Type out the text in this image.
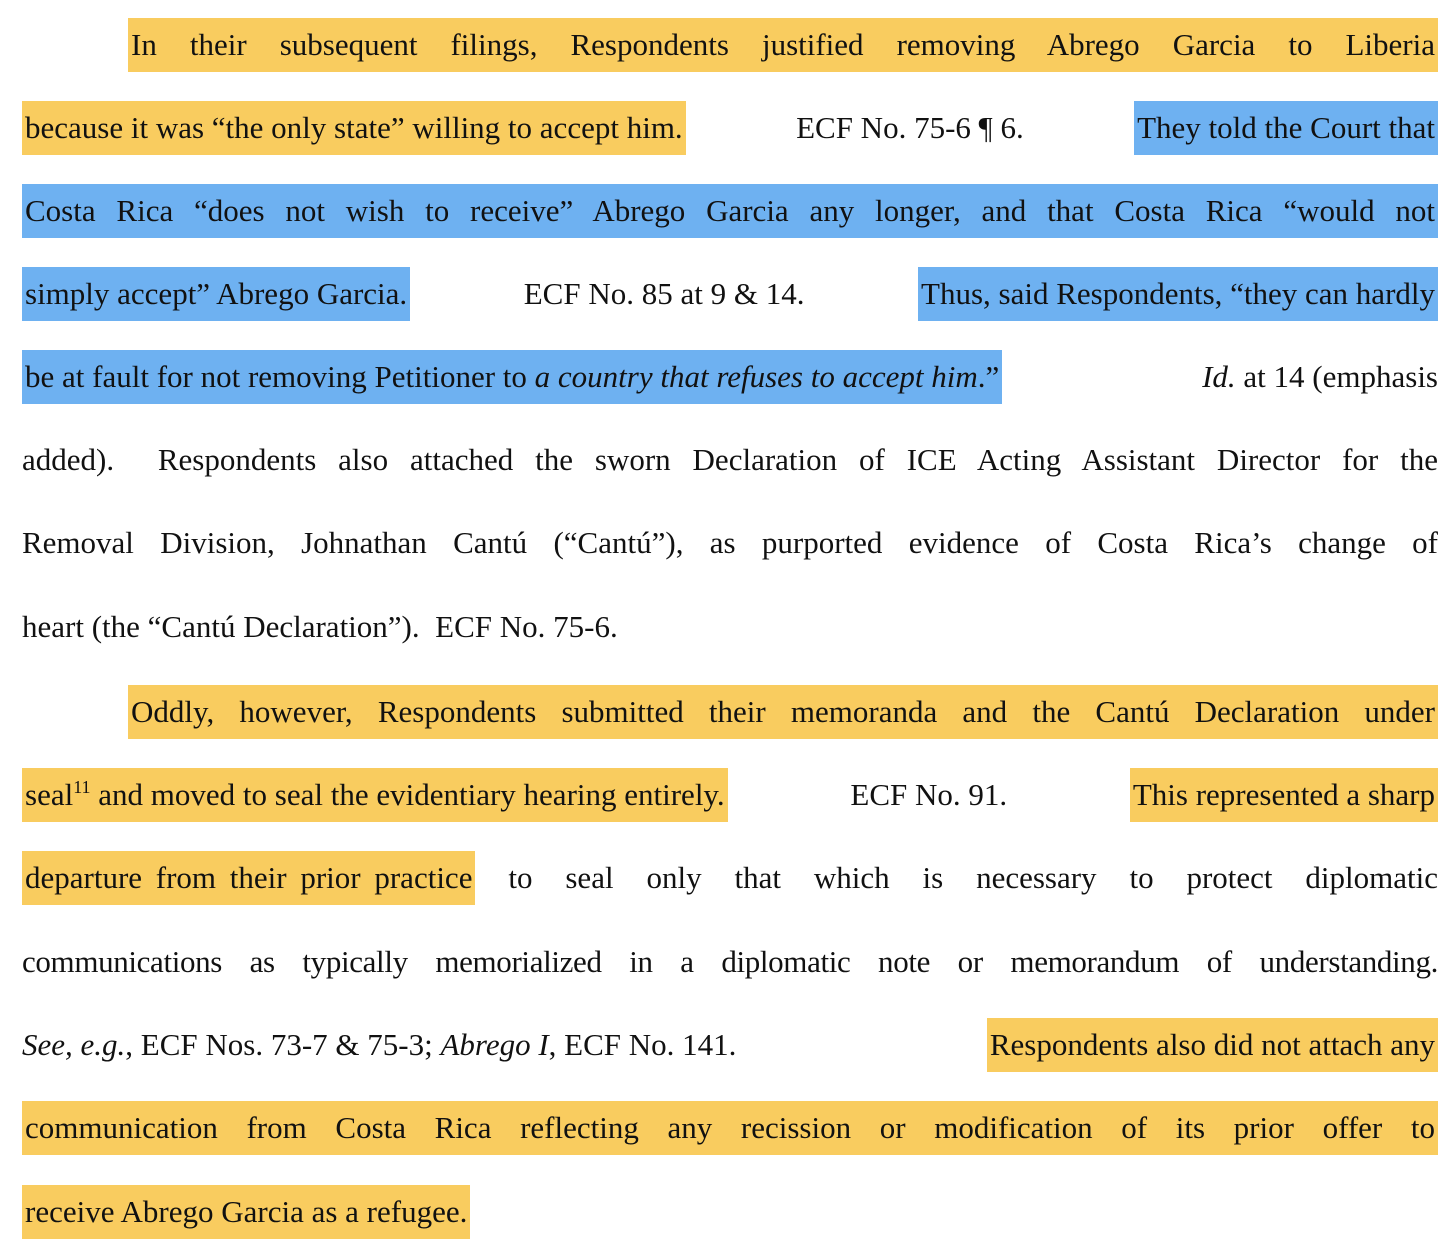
In their subsequent filings, Respondents justified removing Abrego Garcia to Liberia
because it was “the only state” willing to accept him.	ECF No. 75-6 ¶ 6.	They told the Court that
Costa Rica “does not wish to receive” Abrego Garcia any longer, and that Costa Rica “would not
simply accept” Abrego Garcia.	ECF No. 85 at 9 & 14.	Thus, said Respondents, “they can hardly
be at fault for not removing Petitioner to a country that refuses to accept him.”	Id. at 14 (emphasis
added).  Respondents also attached the sworn Declaration of ICE Acting Assistant Director for the
Removal Division, Johnathan Cantú (“Cantú”), as purported evidence of Costa Rica’s change of
heart (the “Cantú Declaration”).  ECF No. 75-6.
Oddly, however, Respondents submitted their memoranda and the Cantú Declaration under
seal$^{11}$ and moved to seal the evidentiary hearing entirely.	ECF No. 91.	This represented a sharp
departure from their prior practice to seal only that which is necessary to protect diplomatic
communications as typically memorialized in a diplomatic note or memorandum of understanding.
See, e.g., ECF Nos. 73-7 & 75-3; Abrego I, ECF No. 141.	Respondents also did not attach any
communication from Costa Rica reflecting any recission or modification of its prior offer to
receive Abrego Garcia as a refugee.
